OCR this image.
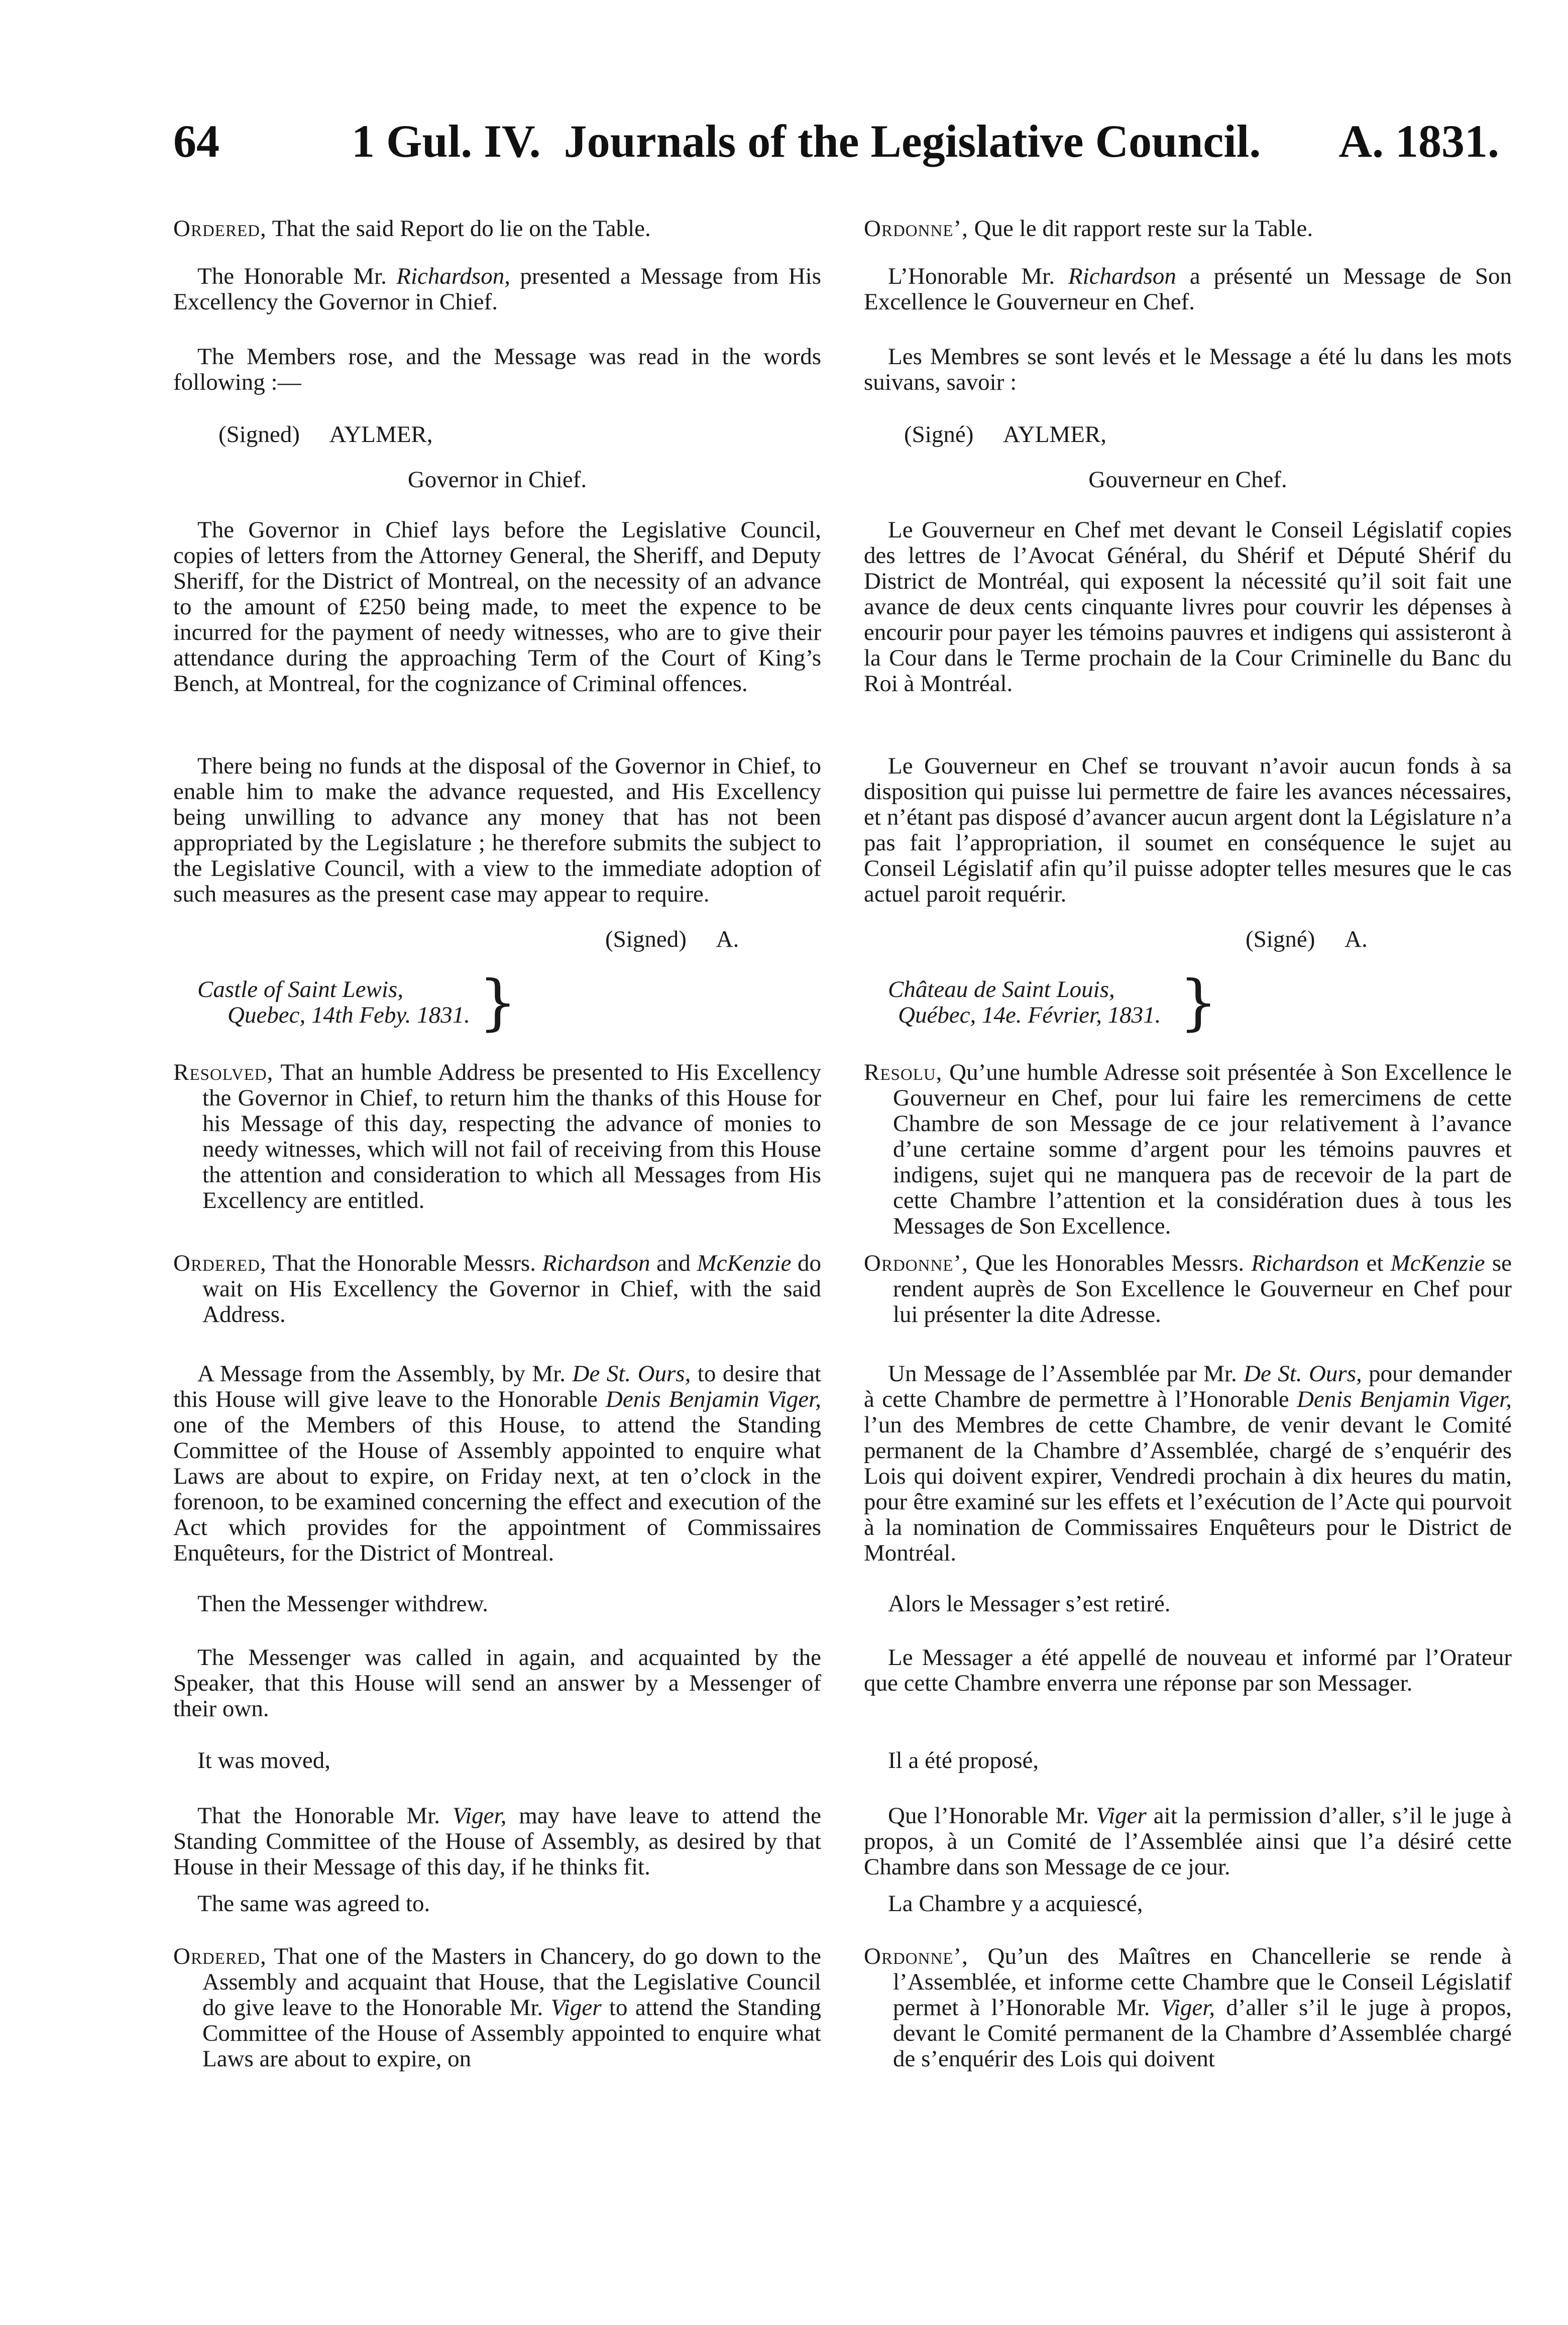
64	1 Gul. IV. Journals of the Legislative Council. A. 1831.

Ordered, That the said Report do lie on the Table.

The Honorable Mr. Richardson, presented a Message from His Excellency the Governor in Chief.

The Members rose, and the Message was read in the words following :—

(Signed) AYLMER,

Governor in Chief.

The Governor in Chief lays before the Legislative Council, copies of letters from the Attorney General, the Sheriff, and Deputy Sheriff, for the District of Montreal, on the necessity of an advance to the amount of £250 being made, to meet the expence to be incurred for the payment of needy witnesses, who are to give their attendance during the approaching Term of the Court of King’s Bench, at Montreal, for the cognizance of Criminal offences.

There being no funds at the disposal of the Governor in Chief, to enable him to make the advance requested, and His Excellency being unwilling to advance any money that has not been appropriated by the Legislature ; he therefore submits the subject to the Legislative Council, with a view to the immediate adoption of such measures as the present case may appear to require.

(Signed) A.
Castle of Saint Lewis,
Quebec, 14th Feby. 1831. }

Resolved, That an humble Address be presented to His Excellency the Governor in Chief, to return him the thanks of this House for his Message of this day, respecting the advance of monies to needy witnesses, which will not fail of receiving from this House the attention and consideration to which all Messages from His Excellency are entitled.

Ordered, That the Honorable Messrs. Richardson and McKenzie do wait on His Excellency the Governor in Chief, with the said Address.

A Message from the Assembly, by Mr. De St. Ours, to desire that this House will give leave to the Honorable Denis Benjamin Viger, one of the Members of this House, to attend the Standing Committee of the House of Assembly appointed to enquire what Laws are about to expire, on Friday next, at ten o’clock in the forenoon, to be examined concerning the effect and execution of the Act which provides for the appointment of Commissaires Enquêteurs, for the District of Montreal.

Then the Messenger withdrew.

The Messenger was called in again, and acquainted by the Speaker, that this House will send an answer by a Messenger of their own.

It was moved,

That the Honorable Mr. Viger, may have leave to attend the Standing Committee of the House of Assembly, as desired by that House in their Message of this day, if he thinks fit.

The same was agreed to.

Ordered, That one of the Masters in Chancery, do go down to the Assembly and acquaint that House, that the Legislative Council do give leave to the Honorable Mr. Viger to attend the Standing Committee of the House of Assembly appointed to enquire what Laws are about to expire, on

Ordonne’, Que le dit rapport reste sur la Table.

L’Honorable Mr. Richardson a présenté un Message de Son Excellence le Gouverneur en Chef.

Les Membres se sont levés et le Message a été lu dans les mots suivans, savoir :

(Signé) AYLMER,

Gouverneur en Chef.

Le Gouverneur en Chef met devant le Conseil Législatif copies des lettres de l’Avocat Général, du Shérif et Député Shérif du District de Montréal, qui exposent la nécessité qu’il soit fait une avance de deux cents cinquante livres pour couvrir les dépenses à encourir pour payer les témoins pauvres et indigens qui assisteront à la Cour dans le Terme prochain de la Cour Criminelle du Banc du Roi à Montréal.

Le Gouverneur en Chef se trouvant n’avoir aucun fonds à sa disposition qui puisse lui permettre de faire les avances nécessaires, et n’étant pas disposé d’avancer aucun argent dont la Législature n’a pas fait l’appropriation, il soumet en conséquence le sujet au Conseil Législatif afin qu’il puisse adopter telles mesures que le cas actuel paroit requérir.

(Signé) A.
Château de Saint Louis,
Québec, 14e. Février, 1831. }

Resolu, Qu’une humble Adresse soit présentée à Son Excellence le Gouverneur en Chef, pour lui faire les remercimens de cette Chambre de son Message de ce jour relativement à l’avance d’une certaine somme d’argent pour les témoins pauvres et indigens, sujet qui ne manquera pas de recevoir de la part de cette Chambre l’attention et la considération dues à tous les Messages de Son Excellence.

Ordonne’, Que les Honorables Messrs. Richardson et McKenzie se rendent auprès de Son Excellence le Gouverneur en Chef pour lui présenter la dite Adresse.

Un Message de l’Assemblée par Mr. De St. Ours, pour demander à cette Chambre de permettre à l’Honorable Denis Benjamin Viger, l’un des Membres de cette Chambre, de venir devant le Comité permanent de la Chambre d’Assemblée, chargé de s’enquérir des Lois qui doivent expirer, Vendredi prochain à dix heures du matin, pour être examiné sur les effets et l’exécution de l’Acte qui pourvoit à la nomination de Commissaires Enquêteurs pour le District de Montréal.

Alors le Messager s’est retiré.

Le Messager a été appellé de nouveau et informé par l’Orateur que cette Chambre enverra une réponse par son Messager.

Il a été proposé,

Que l’Honorable Mr. Viger ait la permission d’aller, s’il le juge à propos, à un Comité de l’Assemblée ainsi que l’a désiré cette Chambre dans son Message de ce jour.

La Chambre y a acquiescé,

Ordonne’, Qu’un des Maîtres en Chancellerie se rende à l’Assemblée, et informe cette Chambre que le Conseil Législatif permet à l’Honorable Mr. Viger, d’aller s’il le juge à propos, devant le Comité permanent de la Chambre d’Assemblée chargé de s’enquérir des Lois qui doivent
